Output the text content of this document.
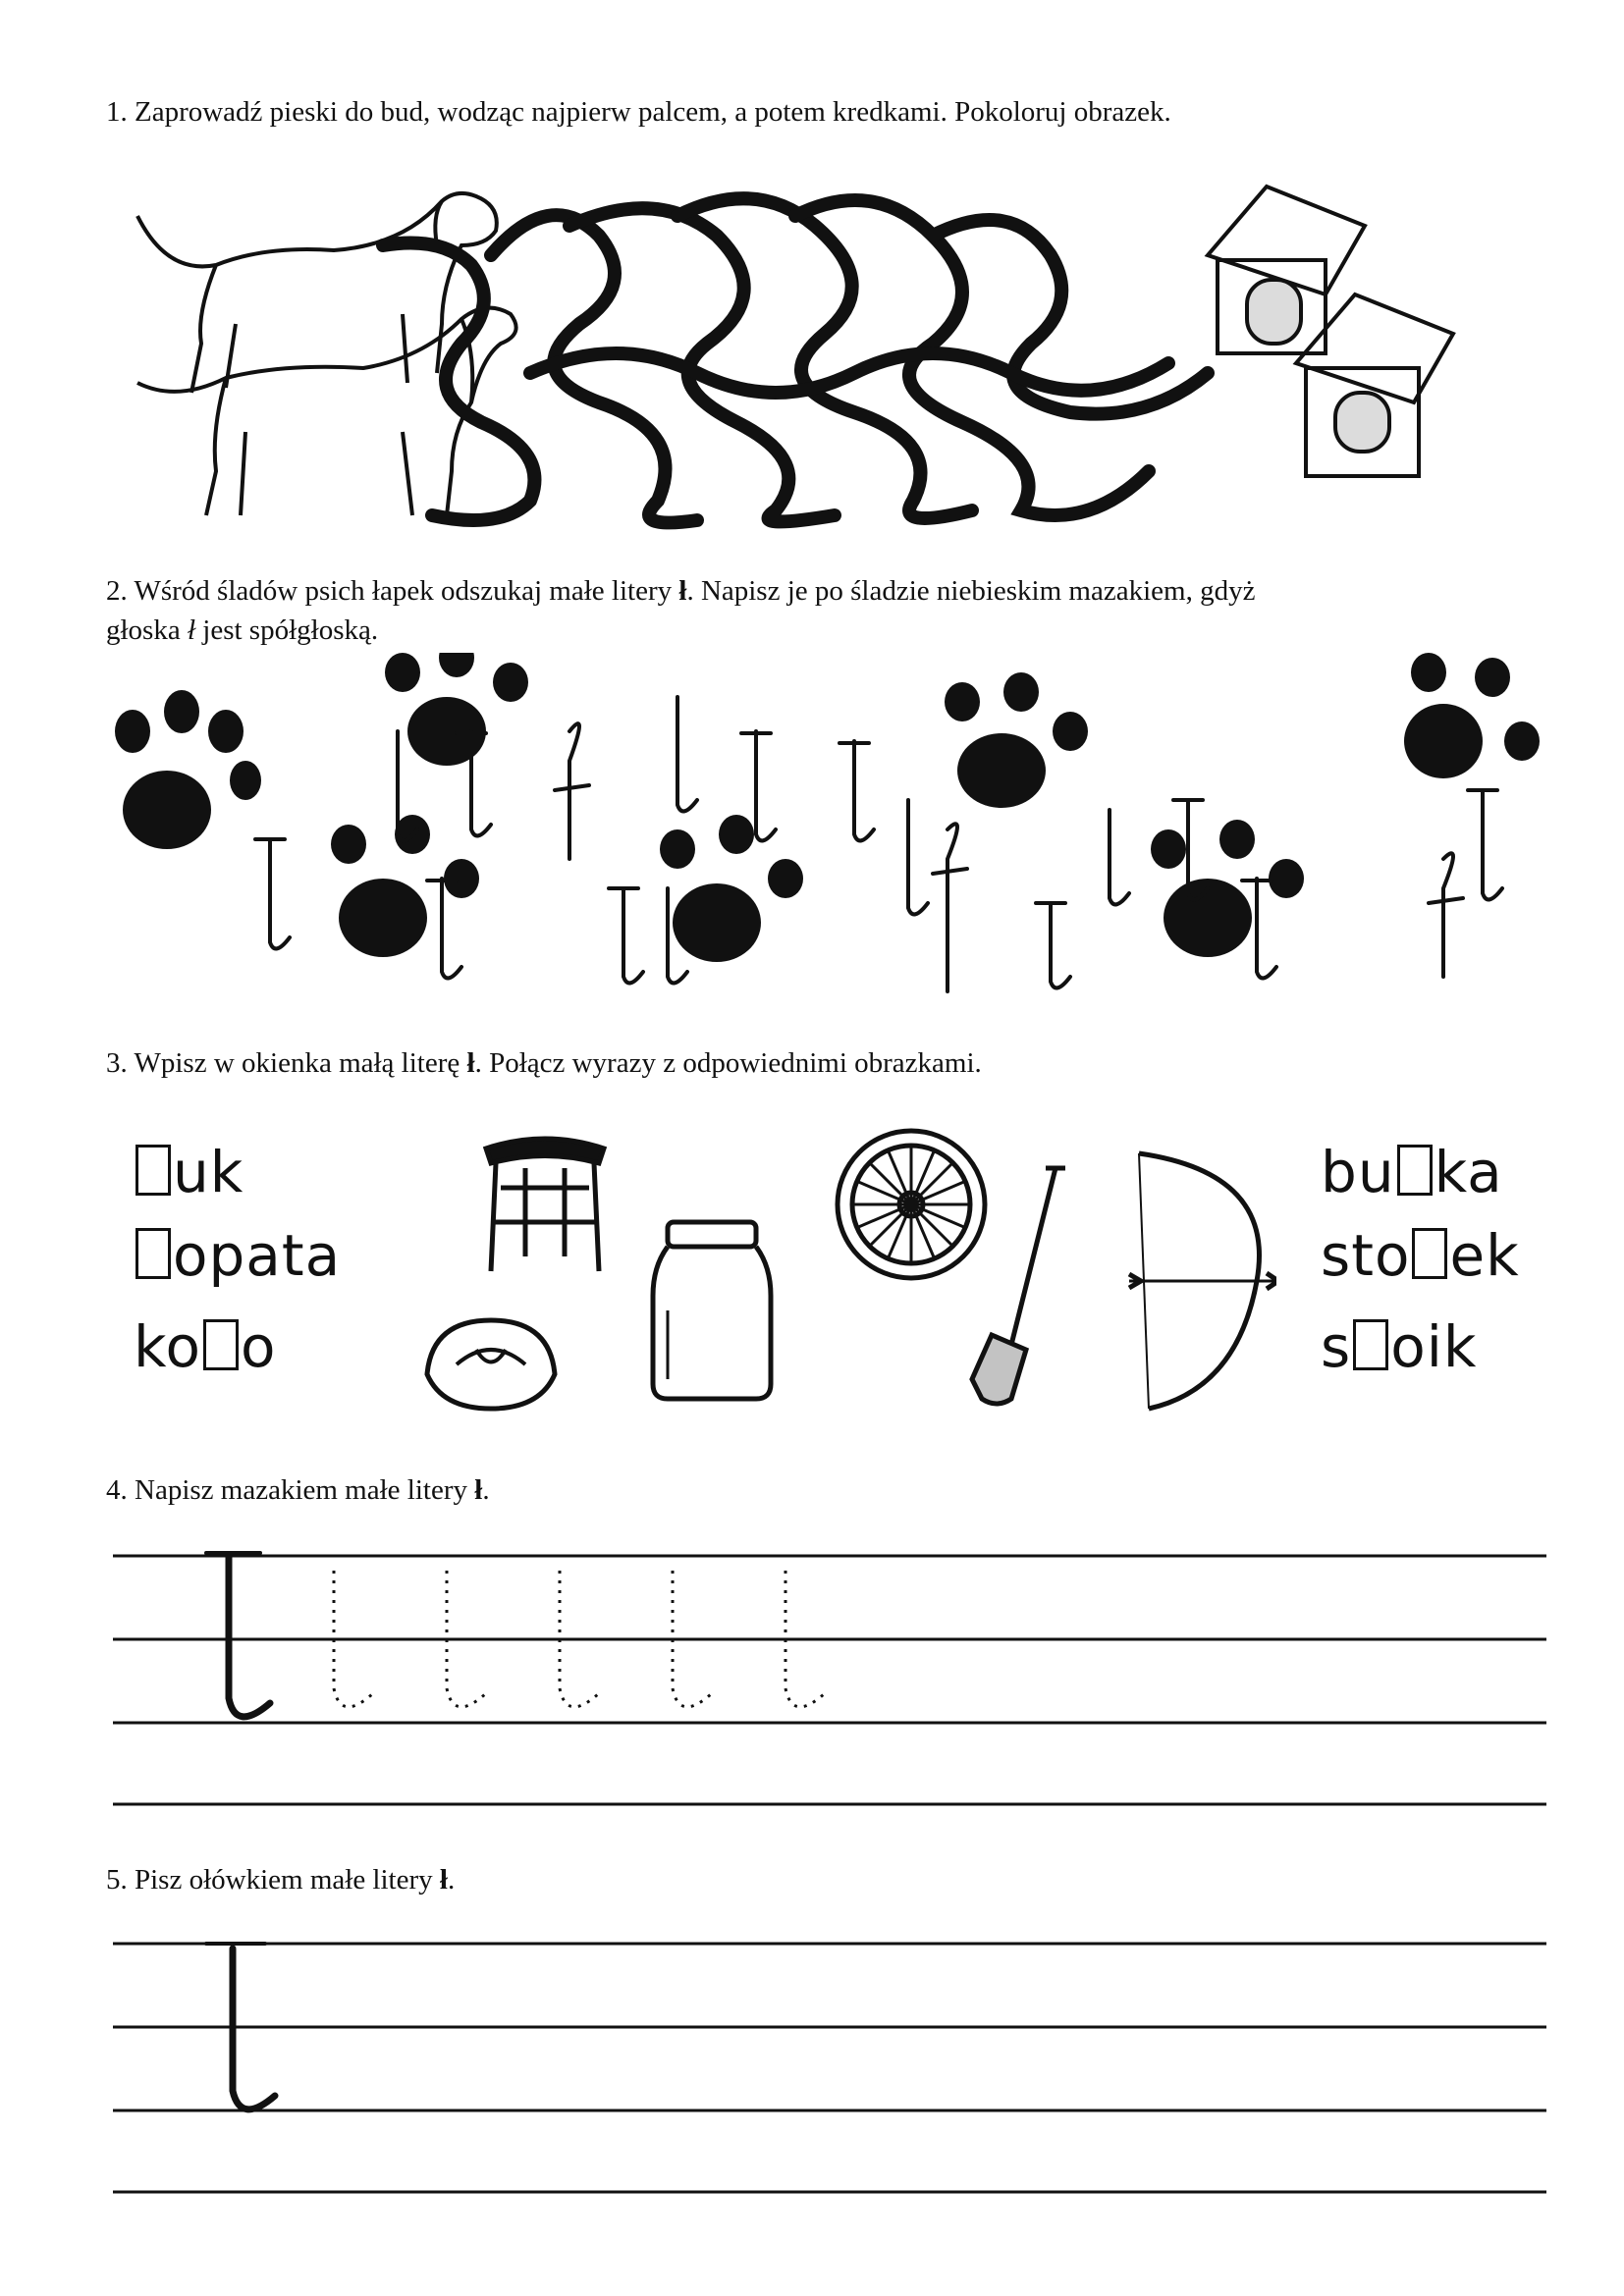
1. Zaprowadź pieski do bud, wodząc najpierw palcem, a potem kredkami. Pokoloruj obrazek.
2. Wśród śladów psich łapek odszukaj małe litery ł. Napisz je po śladzie niebieskim mazakiem, gdyż
głoska ł jest spółgłoską.
3. Wpisz w okienka małą literę ł. Połącz wyrazy z odpowiednimi obrazkami.
uk
opata
ko o
bu ka
sto ek
s oik
4. Napisz mazakiem małe litery ł.
5. Pisz ołówkiem małe litery ł.
